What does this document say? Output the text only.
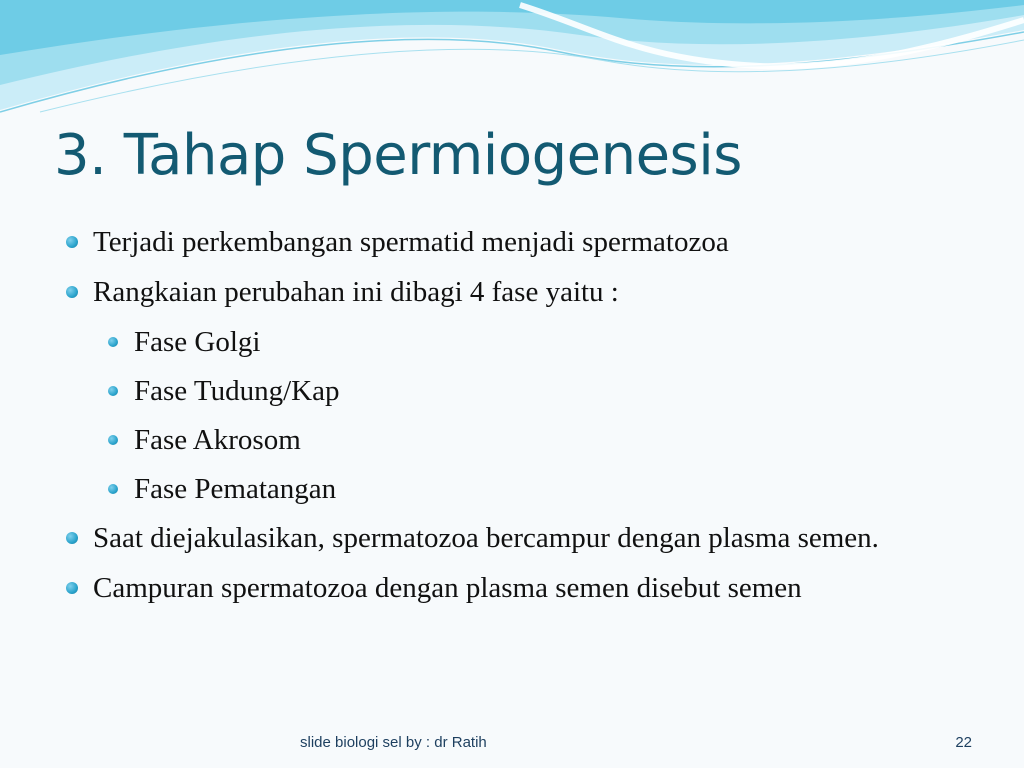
3. Tahap Spermiogenesis
Terjadi perkembangan spermatid menjadi spermatozoa
Rangkaian perubahan ini dibagi 4 fase yaitu :
Fase Golgi
Fase Tudung/Kap
Fase Akrosom
Fase Pematangan
Saat diejakulasikan, spermatozoa bercampur dengan plasma semen.
Campuran spermatozoa dengan plasma semen disebut semen
slide biologi sel by : dr Ratih	22
